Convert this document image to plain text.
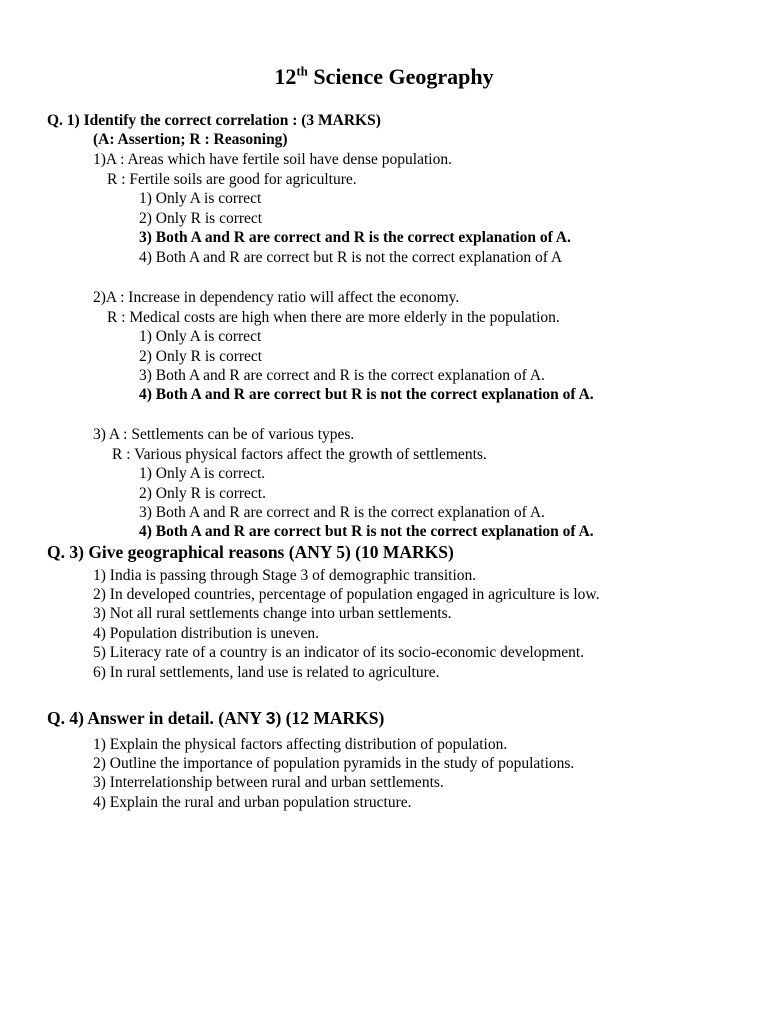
12th Science Geography
Q. 1) Identify the correct correlation : (3 MARKS)
(A: Assertion; R : Reasoning)
1)A : Areas which have fertile soil have dense population.
R : Fertile soils are good for agriculture.
1) Only A is correct
2) Only R is correct
3) Both A and R are correct and R is the correct explanation of A.
4) Both A and R are correct but R is not the correct explanation of A
2)A : Increase in dependency ratio will affect the economy.
R : Medical costs are high when there are more elderly in the population.
1) Only A is correct
2) Only R is correct
3) Both A and R are correct and R is the correct explanation of A.
4) Both A and R are correct but R is not the correct explanation of A.
3) A : Settlements can be of various types.
R : Various physical factors affect the growth of settlements.
1) Only A is correct.
2) Only R is correct.
3) Both A and R are correct and R is the correct explanation of A.
4) Both A and R are correct but R is not the correct explanation of A.
Q. 3) Give geographical reasons (ANY 5) (10 MARKS)
1) India is passing through Stage 3 of demographic transition.
2) In developed countries, percentage of population engaged in agriculture is low.
3) Not all rural settlements change into urban settlements.
4) Population distribution is uneven.
5) Literacy rate of a country is an indicator of its socio-economic development.
6) In rural settlements, land use is related to agriculture.
Q. 4) Answer in detail. (ANY 3) (12 MARKS)
1) Explain the physical factors affecting distribution of population.
2) Outline the importance of population pyramids in the study of populations.
3) Interrelationship between rural and urban settlements.
4) Explain the rural and urban population structure.
